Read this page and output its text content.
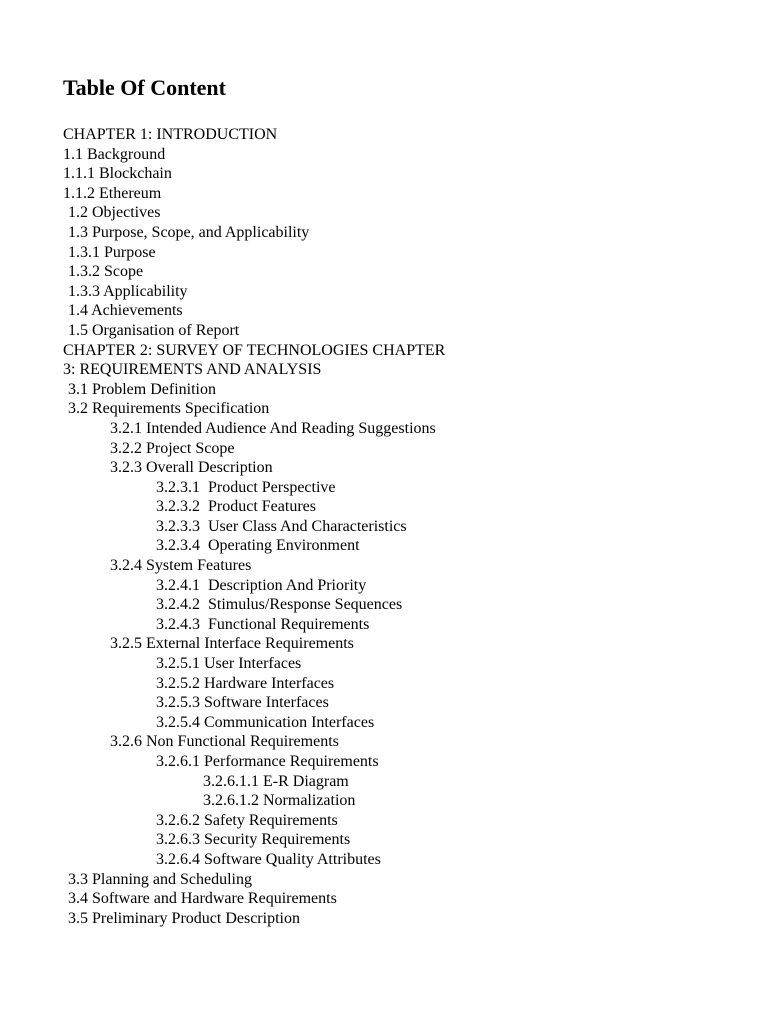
Table Of Content
CHAPTER 1: INTRODUCTION
1.1 Background
1.1.1 Blockchain
1.1.2 Ethereum
1.2 Objectives
1.3 Purpose, Scope, and Applicability
1.3.1 Purpose
1.3.2 Scope
1.3.3 Applicability
1.4 Achievements
1.5 Organisation of Report
CHAPTER 2: SURVEY OF TECHNOLOGIES CHAPTER
3: REQUIREMENTS AND ANALYSIS
3.1 Problem Definition
3.2 Requirements Specification
3.2.1 Intended Audience And Reading Suggestions
3.2.2 Project Scope
3.2.3 Overall Description
3.2.3.1  Product Perspective
3.2.3.2  Product Features
3.2.3.3  User Class And Characteristics
3.2.3.4  Operating Environment
3.2.4 System Features
3.2.4.1  Description And Priority
3.2.4.2  Stimulus/Response Sequences
3.2.4.3  Functional Requirements
3.2.5 External Interface Requirements
3.2.5.1 User Interfaces
3.2.5.2 Hardware Interfaces
3.2.5.3 Software Interfaces
3.2.5.4 Communication Interfaces
3.2.6 Non Functional Requirements
3.2.6.1 Performance Requirements
3.2.6.1.1 E-R Diagram
3.2.6.1.2 Normalization
3.2.6.2 Safety Requirements
3.2.6.3 Security Requirements
3.2.6.4 Software Quality Attributes
3.3 Planning and Scheduling
3.4 Software and Hardware Requirements
3.5 Preliminary Product Description
